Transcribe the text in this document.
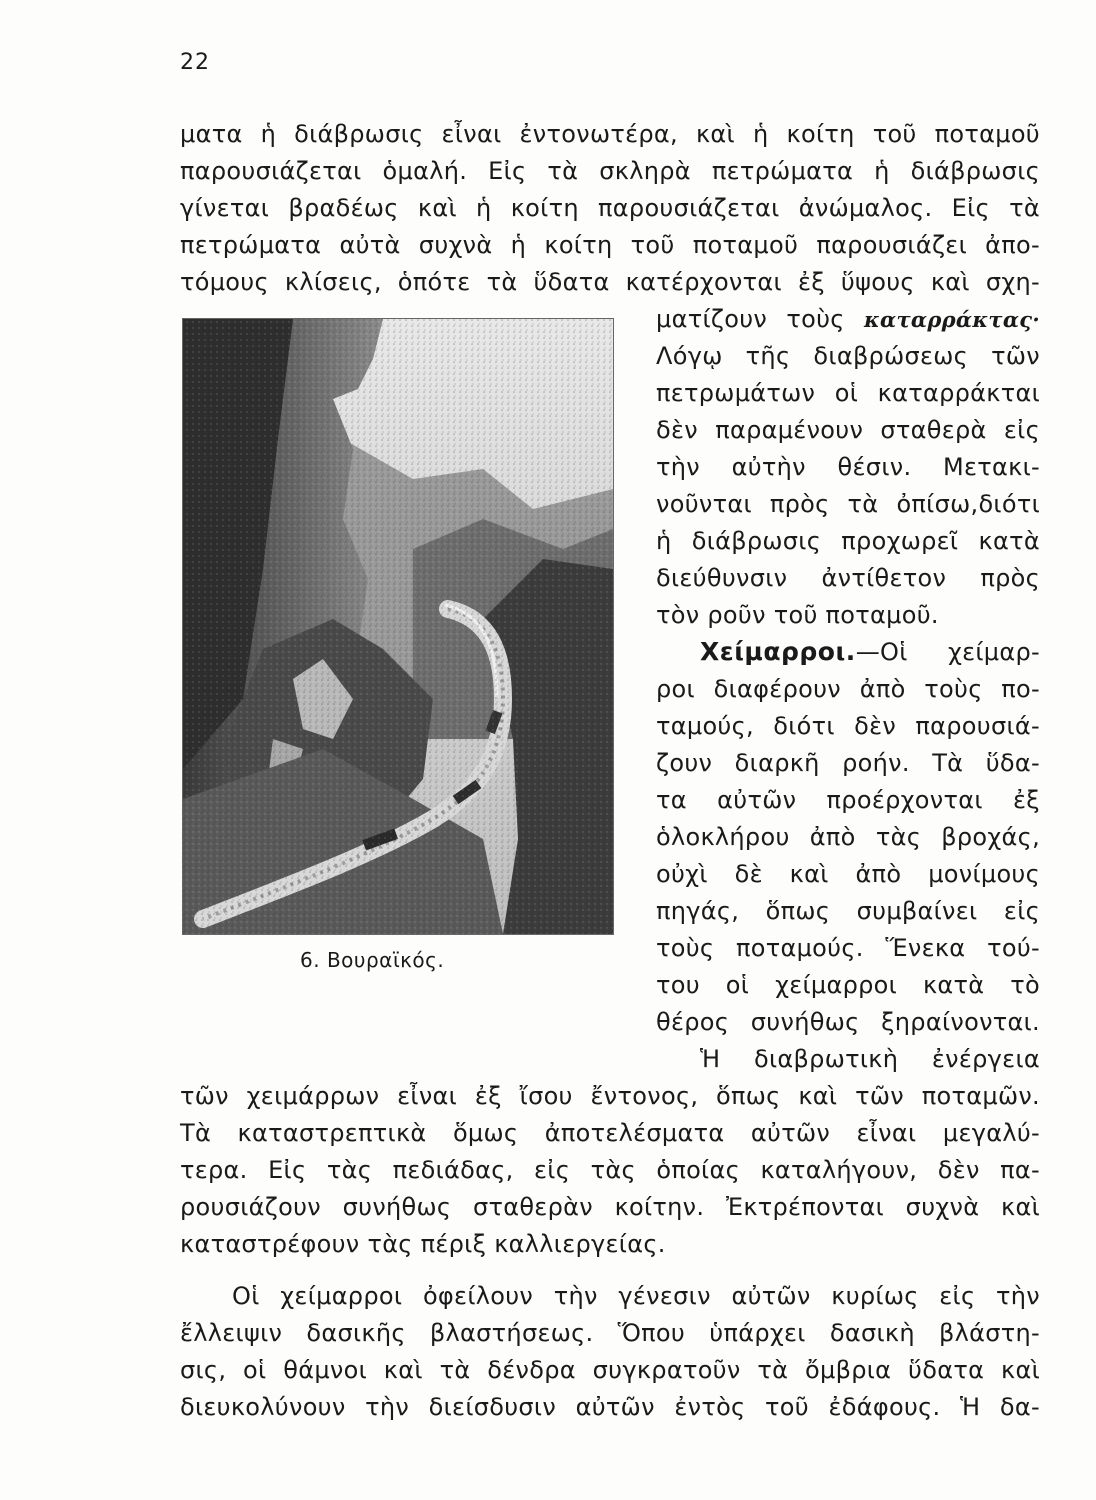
22
ματα ἡ διάβρωσις εἶναι ἐντονωτέρα, καὶ ἡ κοίτη τοῦ ποταμοῦ
παρουσιάζεται ὁμαλή. Εἰς τὰ σκληρὰ πετρώματα ἡ διάβρωσις
γίνεται βραδέως καὶ ἡ κοίτη παρουσιάζεται ἀνώμαλος. Εἰς τὰ
πετρώματα αὐτὰ συχνὰ ἡ κοίτη τοῦ ποταμοῦ παρουσιάζει ἀπο-
τόμους κλίσεις, ὁπότε τὰ ὕδατα κατέρχονται ἐξ ὕψους καὶ σχη-
6. Βουραϊκός.
ματίζουν τοὺς καταρράκτας·
Λόγῳ τῆς διαβρώσεως τῶν
πετρωμάτων οἱ καταρράκται
δὲν παραμένουν σταθερὰ εἰς
τὴν αὐτὴν θέσιν. Μετακι-
νοῦνται πρὸς τὰ ὀπίσω,διότι
ἡ διάβρωσις προχωρεῖ κατὰ
διεύθυνσιν ἀντίθετον πρὸς
τὸν ροῦν τοῦ ποταμοῦ.
Χείμαρροι.—Οἱ χείμαρ-
ροι διαφέρουν ἀπὸ τοὺς πο-
ταμούς, διότι δὲν παρουσιά-
ζουν διαρκῆ ροήν. Τὰ ὕδα-
τα αὐτῶν προέρχονται ἐξ
ὁλοκλήρου ἀπὸ τὰς βροχάς,
οὐχὶ δὲ καὶ ἀπὸ μονίμους
πηγάς, ὅπως συμβαίνει εἰς
τοὺς ποταμούς. Ἕνεκα τού-
του οἱ χείμαρροι κατὰ τὸ
θέρος συνήθως ξηραίνονται.
Ἡ διαβρωτικὴ ἐνέργεια
τῶν χειμάρρων εἶναι ἐξ ἴσου ἔντονος, ὅπως καὶ τῶν ποταμῶν.
Τὰ καταστρεπτικὰ ὅμως ἀποτελέσματα αὐτῶν εἶναι μεγαλύ-
τερα. Εἰς τὰς πεδιάδας, εἰς τὰς ὁποίας καταλήγουν, δὲν πα-
ρουσιάζουν συνήθως σταθερὰν κοίτην. Ἐκτρέπονται συχνὰ καὶ
καταστρέφουν τὰς πέριξ καλλιεργείας.
Οἱ χείμαρροι ὀφείλουν τὴν γένεσιν αὐτῶν κυρίως εἰς τὴν
ἔλλειψιν δασικῆς βλαστήσεως. Ὅπου ὑπάρχει δασικὴ βλάστη-
σις, οἱ θάμνοι καὶ τὰ δένδρα συγκρατοῦν τὰ ὄμβρια ὕδατα καὶ
διευκολύνουν τὴν διείσδυσιν αὐτῶν ἐντὸς τοῦ ἐδάφους. Ἡ δα-
